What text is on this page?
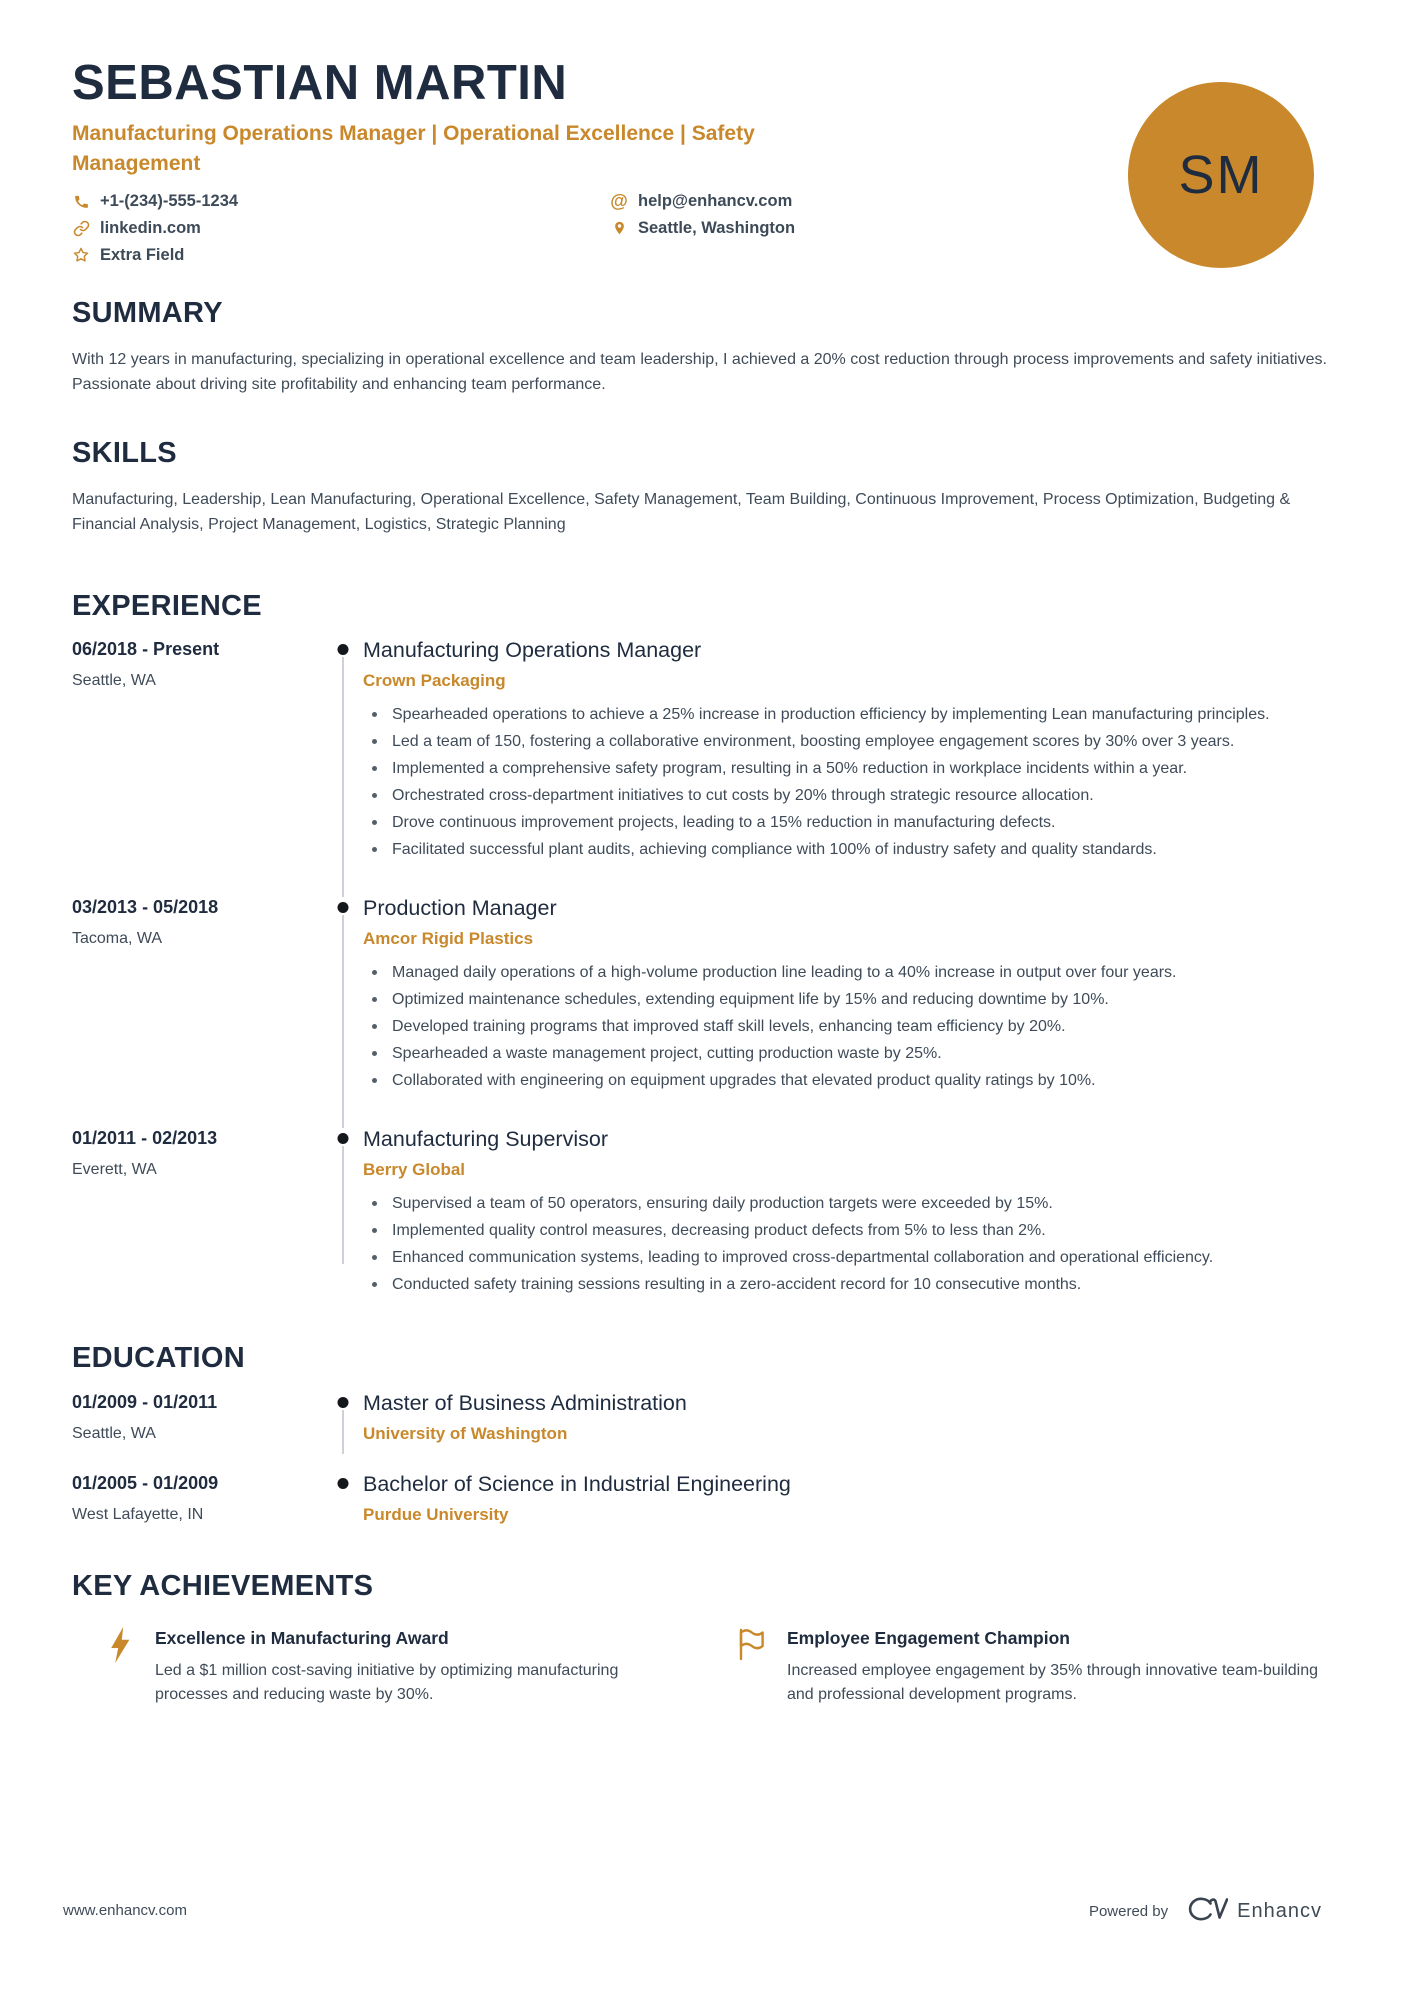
SEBASTIAN MARTIN
Manufacturing Operations Manager | Operational Excellence | Safety Management
+1-(234)-555-1234	@ help@enhancv.com
linkedin.com	Seattle, Washington
Extra Field
SUMMARY
With 12 years in manufacturing, specializing in operational excellence and team leadership, I achieved a 20% cost reduction through process improvements and safety initiatives. Passionate about driving site profitability and enhancing team performance.
SKILLS
Manufacturing, Leadership, Lean Manufacturing, Operational Excellence, Safety Management, Team Building, Continuous Improvement, Process Optimization, Budgeting & Financial Analysis, Project Management, Logistics, Strategic Planning
EXPERIENCE
06/2018 - Present
Seattle, WA
Manufacturing Operations Manager
Crown Packaging
Spearheaded operations to achieve a 25% increase in production efficiency by implementing Lean manufacturing principles.
Led a team of 150, fostering a collaborative environment, boosting employee engagement scores by 30% over 3 years.
Implemented a comprehensive safety program, resulting in a 50% reduction in workplace incidents within a year.
Orchestrated cross-department initiatives to cut costs by 20% through strategic resource allocation.
Drove continuous improvement projects, leading to a 15% reduction in manufacturing defects.
Facilitated successful plant audits, achieving compliance with 100% of industry safety and quality standards.
03/2013 - 05/2018
Tacoma, WA
Production Manager
Amcor Rigid Plastics
Managed daily operations of a high-volume production line leading to a 40% increase in output over four years.
Optimized maintenance schedules, extending equipment life by 15% and reducing downtime by 10%.
Developed training programs that improved staff skill levels, enhancing team efficiency by 20%.
Spearheaded a waste management project, cutting production waste by 25%.
Collaborated with engineering on equipment upgrades that elevated product quality ratings by 10%.
01/2011 - 02/2013
Everett, WA
Manufacturing Supervisor
Berry Global
Supervised a team of 50 operators, ensuring daily production targets were exceeded by 15%.
Implemented quality control measures, decreasing product defects from 5% to less than 2%.
Enhanced communication systems, leading to improved cross-departmental collaboration and operational efficiency.
Conducted safety training sessions resulting in a zero-accident record for 10 consecutive months.
EDUCATION
01/2009 - 01/2011
Seattle, WA
Master of Business Administration
University of Washington
01/2005 - 01/2009
West Lafayette, IN
Bachelor of Science in Industrial Engineering
Purdue University
KEY ACHIEVEMENTS
Excellence in Manufacturing Award
Led a $1 million cost-saving initiative by optimizing manufacturing processes and reducing waste by 30%.
Employee Engagement Champion
Increased employee engagement by 35% through innovative team-building and professional development programs.
SM
www.enhancv.com	Powered by	Enhancv
